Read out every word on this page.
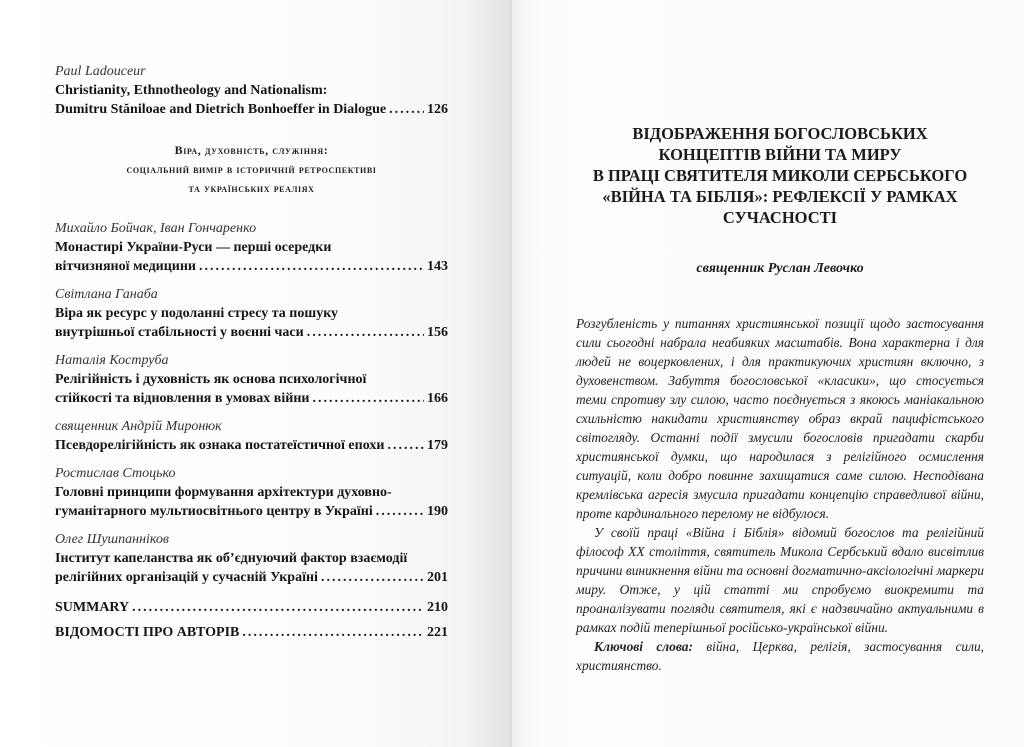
Paul Ladouceur
Christianity, Ethnotheology and Nationalism:
Dumitru Stăniloae and Dietrich Bonhoeffer in Dialogue .....	126
Віра, духовність, служіння:
соціальний вимір в історичній ретроспективі
та українських реаліях
Михайло Бойчак, Іван Гончаренко
Монастирі України-Руси — перші осередки
вітчизняної медицини .....	143
Світлана Ганаба
Віра як ресурс у подоланні стресу та пошуку
внутрішньої стабільності у воєнні часи .....	156
Наталія Коструба
Релігійність і духовність як основа психологічної
стійкості та відновлення в умовах війни .....	166
священник Андрій Миронюк
Псевдорелігійність як ознака постатеїстичної епохи .....	179
Ростислав Стоцько
Головні принципи формування архітектури духовно-
гуманітарного мультиосвітнього центру в Україні .....	190
Олег Шушпанніков
Інститут капеланства як об’єднуючий фактор взаємодії
релігійних організацій у сучасній Україні .....	201
SUMMARY .....	210
ВІДОМОСТІ ПРО АВТОРІВ .....	221
ВІДОБРАЖЕННЯ БОГОСЛОВСЬКИХ
КОНЦЕПТІВ ВІЙНИ ТА МИРУ
В ПРАЦІ СВЯТИТЕЛЯ МИКОЛИ СЕРБСЬКОГО
«ВІЙНА ТА БІБЛІЯ»: РЕФЛЕКСІЇ У РАМКАХ
СУЧАСНОСТІ
священник Руслан Левочко

Розгубленість у питаннях християнської позиції щодо застосування сили сьогодні набрала неабияких масштабів. Вона характерна і для людей не воцерковлених, і для практикуючих християн включно, з духовенством. Забуття богословської «класики», що стосується теми спротиву злу силою, часто поєднується з якоюсь маніакальною схильністю накидати християнству образ вкрай пацифістського світогляду. Останні події змусили богословів пригадати скарби християнської думки, що народилася з релігійного осмислення ситуацій, коли добро повинне захищатися саме силою. Несподівана кремлівська агресія змусила пригадати концепцію справедливої війни, проте кардинального перелому не відбулося.

У своїй праці «Війна і Біблія» відомий богослов та релігійний філософ XX століття, святитель Микола Сербський вдало висвітлив причини виникнення війни та основні догматично-аксіологічні маркери миру. Отже, у цій статті ми спробуємо виокремити та проаналізувати погляди святителя, які є надзвичайно актуальними в рамках подій теперішньої російсько-української війни.

Ключові слова: війна, Церква, релігія, застосування сили, християнство.
